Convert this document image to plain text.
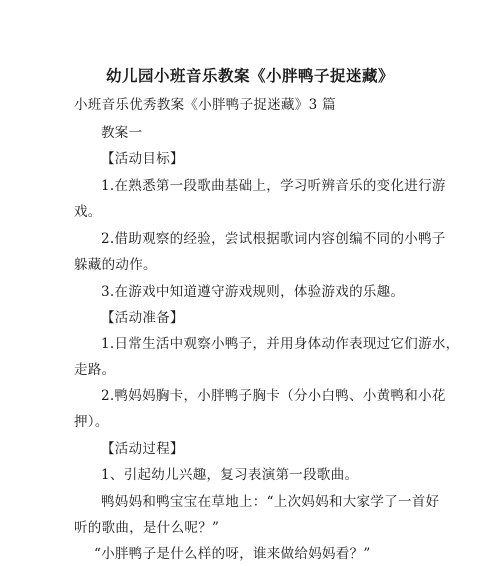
幼儿园小班音乐教案《小胖鸭子捉迷藏》
小班音乐优秀教案《小胖鸭子捉迷藏》3 篇
教案一
【活动目标】
1.在熟悉第一段歌曲基础上，学习听辨音乐的变化进行游
戏。
2.借助观察的经验，尝试根据歌词内容创编不同的小鸭子
躲藏的动作。
3.在游戏中知道遵守游戏规则，体验游戏的乐趣。
【活动准备】
1.日常生活中观察小鸭子，并用身体动作表现过它们游水，
走路。
2.鸭妈妈胸卡，小胖鸭子胸卡（分小白鸭、小黄鸭和小花
押）。
【活动过程】
1、引起幼儿兴趣，复习表演第一段歌曲。
鸭妈妈和鸭宝宝在草地上：“上次妈妈和大家学了一首好
听的歌曲，是什么呢？”
“小胖鸭子是什么样的呀，谁来做给妈妈看？”
